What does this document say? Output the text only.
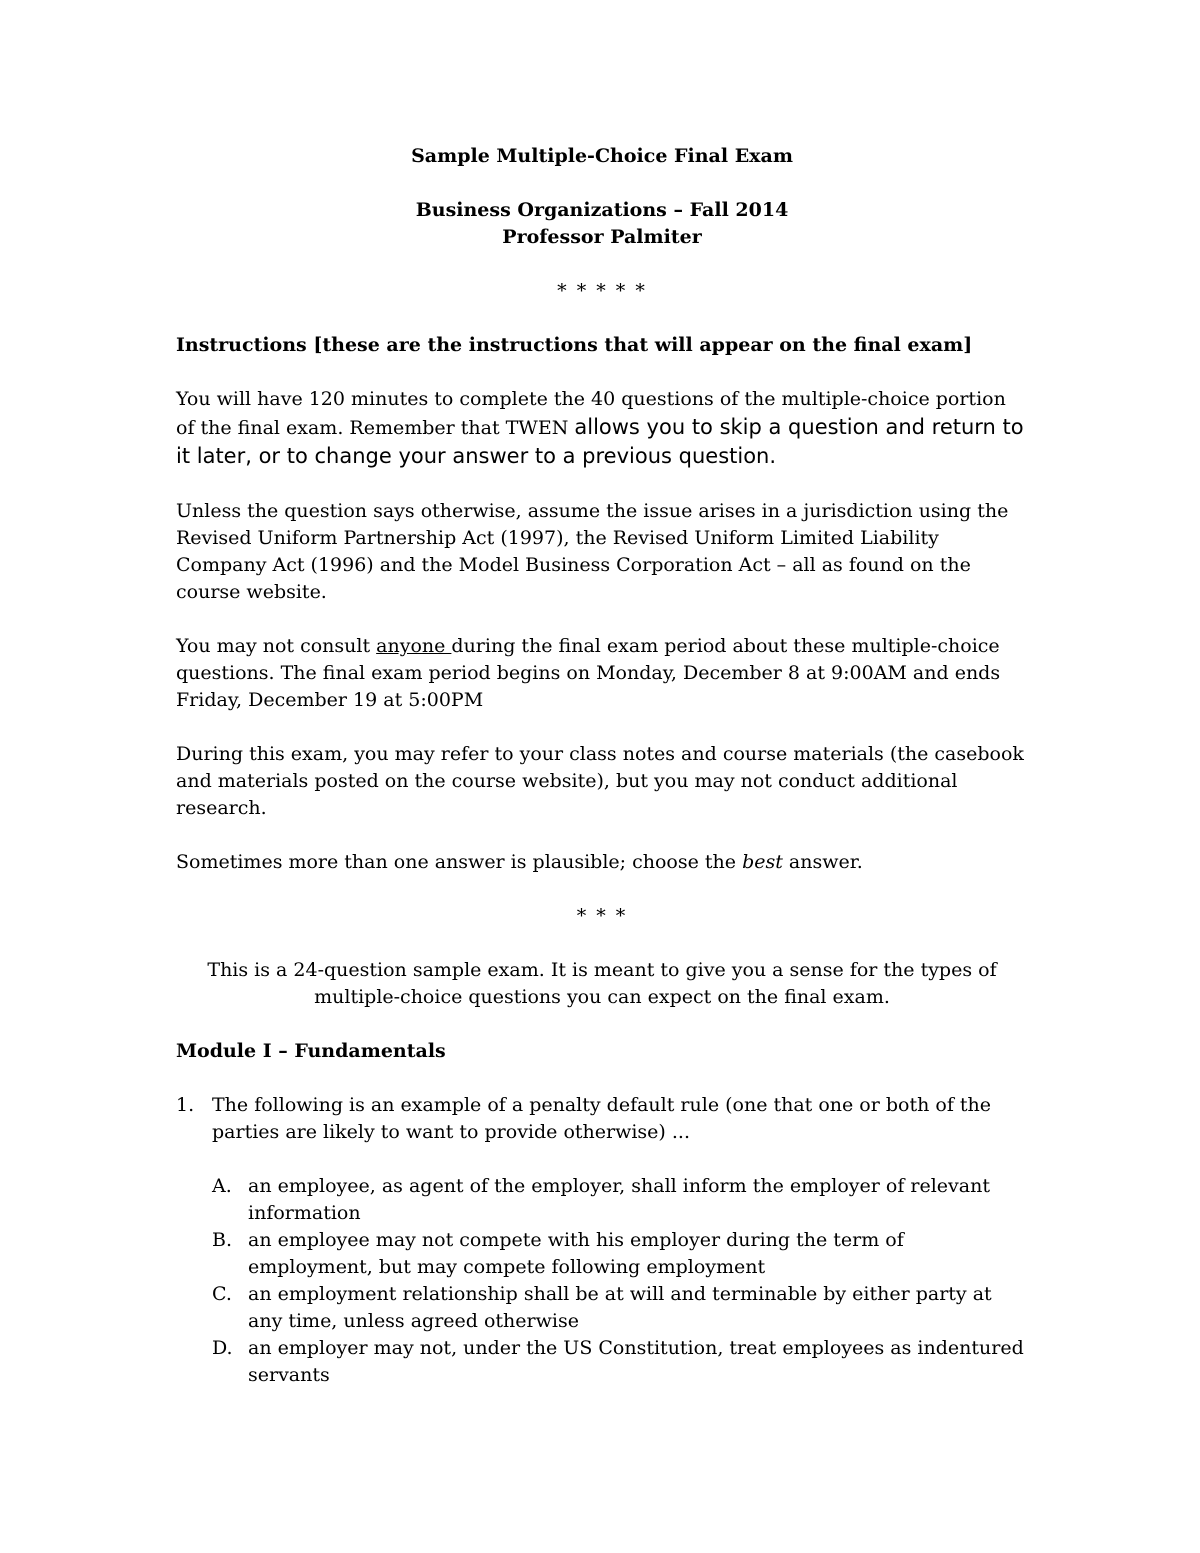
Sample Multiple-Choice Final Exam

Business Organizations – Fall 2014

Professor Palmiter

* * * * *

Instructions [these are the instructions that will appear on the final exam]

You will have 120 minutes to complete the 40 questions of the multiple-choice portion of the final exam. Remember that TWEN allows you to skip a question and return to it later, or to change your answer to a previous question.

Unless the question says otherwise, assume the issue arises in a jurisdiction using the Revised Uniform Partnership Act (1997), the Revised Uniform Limited Liability Company Act (1996) and the Model Business Corporation Act – all as found on the course website.

You may not consult anyone during the final exam period about these multiple-choice questions. The final exam period begins on Monday, December 8 at 9:00AM and ends Friday, December 19 at 5:00PM

During this exam, you may refer to your class notes and course materials (the casebook and materials posted on the course website), but you may not conduct additional research.

Sometimes more than one answer is plausible; choose the best answer.

* * *

This is a 24-question sample exam. It is meant to give you a sense for the types of multiple-choice questions you can expect on the final exam.

Module I – Fundamentals

1. The following is an example of a penalty default rule (one that one or both of the parties are likely to want to provide otherwise) ...
A. an employee, as agent of the employer, shall inform the employer of relevant information
B. an employee may not compete with his employer during the term of employment, but may compete following employment
C. an employment relationship shall be at will and terminable by either party at any time, unless agreed otherwise
D. an employer may not, under the US Constitution, treat employees as indentured servants
